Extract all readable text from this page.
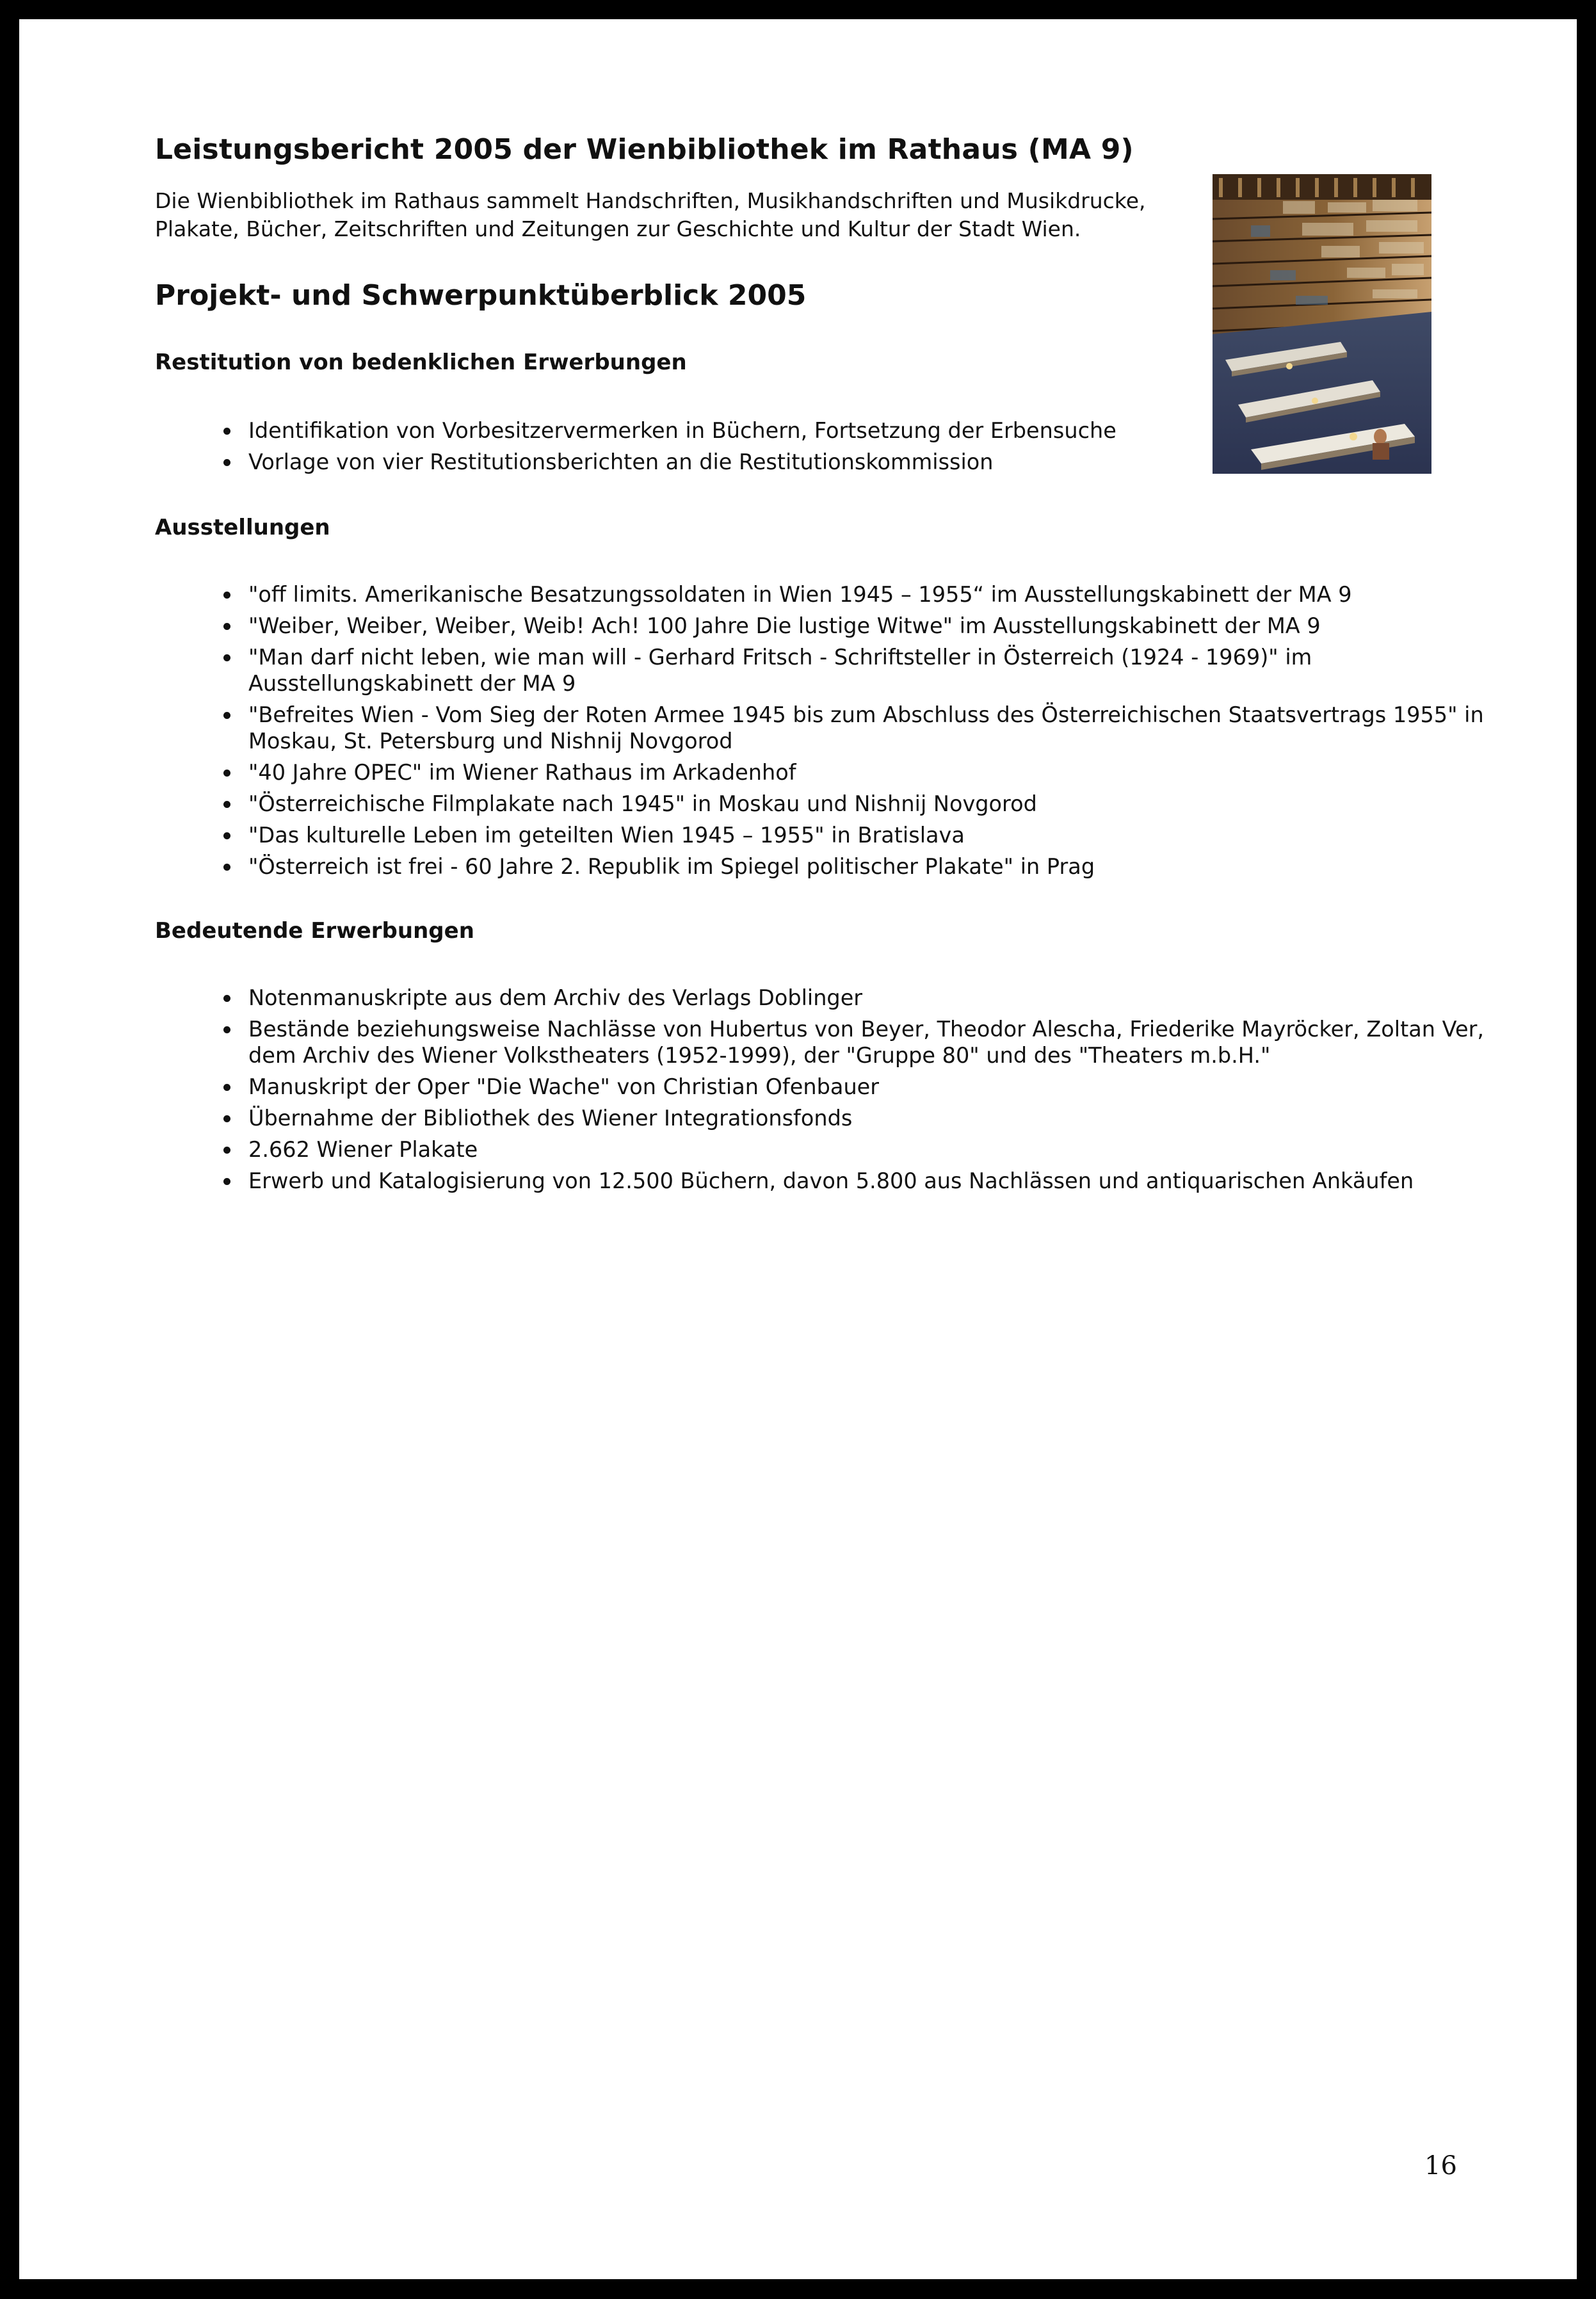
Leistungsbericht 2005 der Wienbibliothek im Rathaus (MA 9)

Die Wienbibliothek im Rathaus sammelt Handschriften, Musikhandschriften und Musikdrucke, Plakate, Bücher, Zeitschriften und Zeitungen zur Geschichte und Kultur der Stadt Wien.

Projekt- und Schwerpunktüberblick 2005
Restitution von bedenklichen Erwerbungen
Identifikation von Vorbesitzervermerken in Büchern, Fortsetzung der Erbensuche
Vorlage von vier Restitutionsberichten an die Restitutionskommission
Ausstellungen
"off limits. Amerikanische Besatzungssoldaten in Wien 1945 – 1955“ im Ausstellungskabinett der MA 9
"Weiber, Weiber, Weiber, Weib! Ach! 100 Jahre Die lustige Witwe" im Ausstellungskabinett der MA 9
"Man darf nicht leben, wie man will - Gerhard Fritsch - Schriftsteller in Österreich (1924 - 1969)" im Ausstellungskabinett der MA 9
"Befreites Wien - Vom Sieg der Roten Armee 1945 bis zum Abschluss des Österreichischen Staatsvertrags 1955" in Moskau, St. Petersburg und Nishnij Novgorod
"40 Jahre OPEC" im Wiener Rathaus im Arkadenhof
"Österreichische Filmplakate nach 1945" in Moskau und Nishnij Novgorod
"Das kulturelle Leben im geteilten Wien 1945 – 1955" in Bratislava
"Österreich ist frei - 60 Jahre 2. Republik im Spiegel politischer Plakate" in Prag
Bedeutende Erwerbungen
Notenmanuskripte aus dem Archiv des Verlags Doblinger
Bestände beziehungsweise Nachlässe von Hubertus von Beyer, Theodor Alescha, Friederike Mayröcker, Zoltan Ver, dem Archiv des Wiener Volkstheaters (1952-1999), der "Gruppe 80" und des "Theaters m.b.H."
Manuskript der Oper "Die Wache" von Christian Ofenbauer
Übernahme der Bibliothek des Wiener Integrationsfonds
2.662 Wiener Plakate
Erwerb und Katalogisierung von 12.500 Büchern, davon 5.800 aus Nachlässen und antiquarischen Ankäufen

16
